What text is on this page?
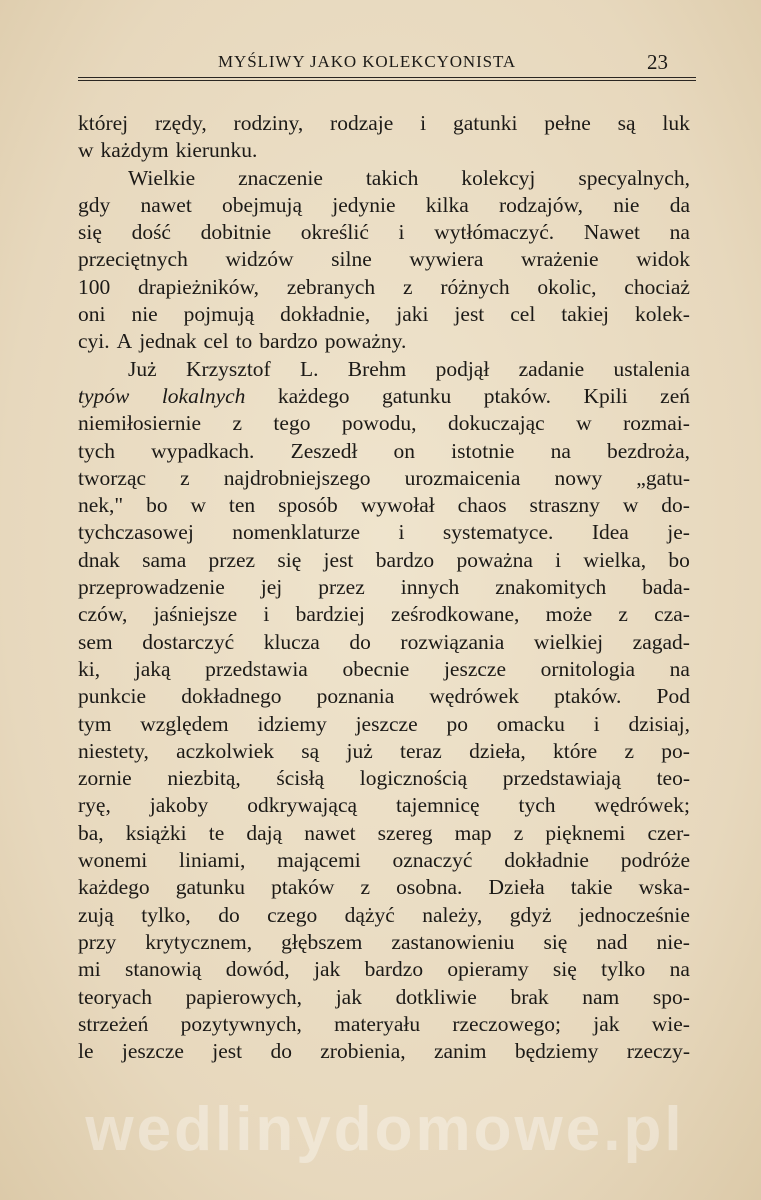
MYŚLIWY JAKO KOLEKCYONISTA	23
której rzędy, rodziny, rodzaje i gatunki pełne są luk
w każdym kierunku.
Wielkie znaczenie takich kolekcyj specyalnych,
gdy nawet obejmują jedynie kilka rodzajów, nie da
się dość dobitnie określić i wytłómaczyć. Nawet na
przeciętnych widzów silne wywiera wrażenie widok
100 drapieżników, zebranych z różnych okolic, chociaż
oni nie pojmują dokładnie, jaki jest cel takiej kolek-
cyi. A jednak cel to bardzo poważny.
Już Krzysztof L. Brehm podjął zadanie ustalenia
typów lokalnych każdego gatunku ptaków. Kpili zeń
niemiłosiernie z tego powodu, dokuczając w rozmai-
tych wypadkach. Zeszedł on istotnie na bezdroża,
tworząc z najdrobniejszego urozmaicenia nowy „gatu-
nek," bo w ten sposób wywołał chaos straszny w do-
tychczasowej nomenklaturze i systematyce. Idea je-
dnak sama przez się jest bardzo poważna i wielka, bo
przeprowadzenie jej przez innych znakomitych bada-
czów, jaśniejsze i bardziej ześrodkowane, może z cza-
sem dostarczyć klucza do rozwiązania wielkiej zagad-
ki, jaką przedstawia obecnie jeszcze ornitologia na
punkcie dokładnego poznania wędrówek ptaków. Pod
tym względem idziemy jeszcze po omacku i dzisiaj,
niestety, aczkolwiek są już teraz dzieła, które z po-
zornie niezbitą, ścisłą logicznością przedstawiają teo-
ryę, jakoby odkrywającą tajemnicę tych wędrówek;
ba, książki te dają nawet szereg map z pięknemi czer-
wonemi liniami, mającemi oznaczyć dokładnie podróże
każdego gatunku ptaków z osobna. Dzieła takie wska-
zują tylko, do czego dążyć należy, gdyż jednocześnie
przy krytycznem, głębszem zastanowieniu się nad nie-
mi stanowią dowód, jak bardzo opieramy się tylko na
teoryach papierowych, jak dotkliwie brak nam spo-
strzeżeń pozytywnych, materyału rzeczowego; jak wie-
le jeszcze jest do zrobienia, zanim będziemy rzeczy-
wedlinydomowe.pl
